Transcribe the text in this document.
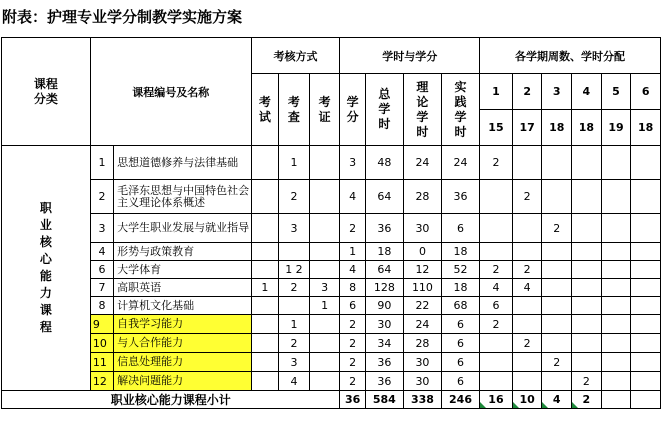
附表：护理专业学分制教学实施方案
课程分类	课程编号及名称		考核方式			学时与学分				各学期周数、学时分配					
			考试	考查	考证	学分	总学时	理论学时	实践学时	1	2	3	4	5	6
										15	17	18	18	19	18
职业核心能力课程	1	思想道德修养与法律基础		1		3	48	24	24	2					
	2	毛泽东思想与中国特色社会主义理论体系概述		2		4	64	28	36		2				
	3	大学生职业发展与就业指导		3		2	36	30	6			2			
	4	形势与政策教育				1	18	0	18						
	6	大学体育		1 2		4	64	12	52	2	2				
	7	高职英语	1	2	3	8	128	110	18	4	4				
	8	计算机文化基础			1	6	90	22	68	6					
	9	自我学习能力		1		2	30	24	6	2					
	10	与人合作能力		2		2	34	28	6		2				
	11	信息处理能力		3		2	36	30	6			2			
	12	解决问题能力		4		2	36	30	6				2		
职业核心能力课程小计						36	584	338	246	16	10	4	2		
